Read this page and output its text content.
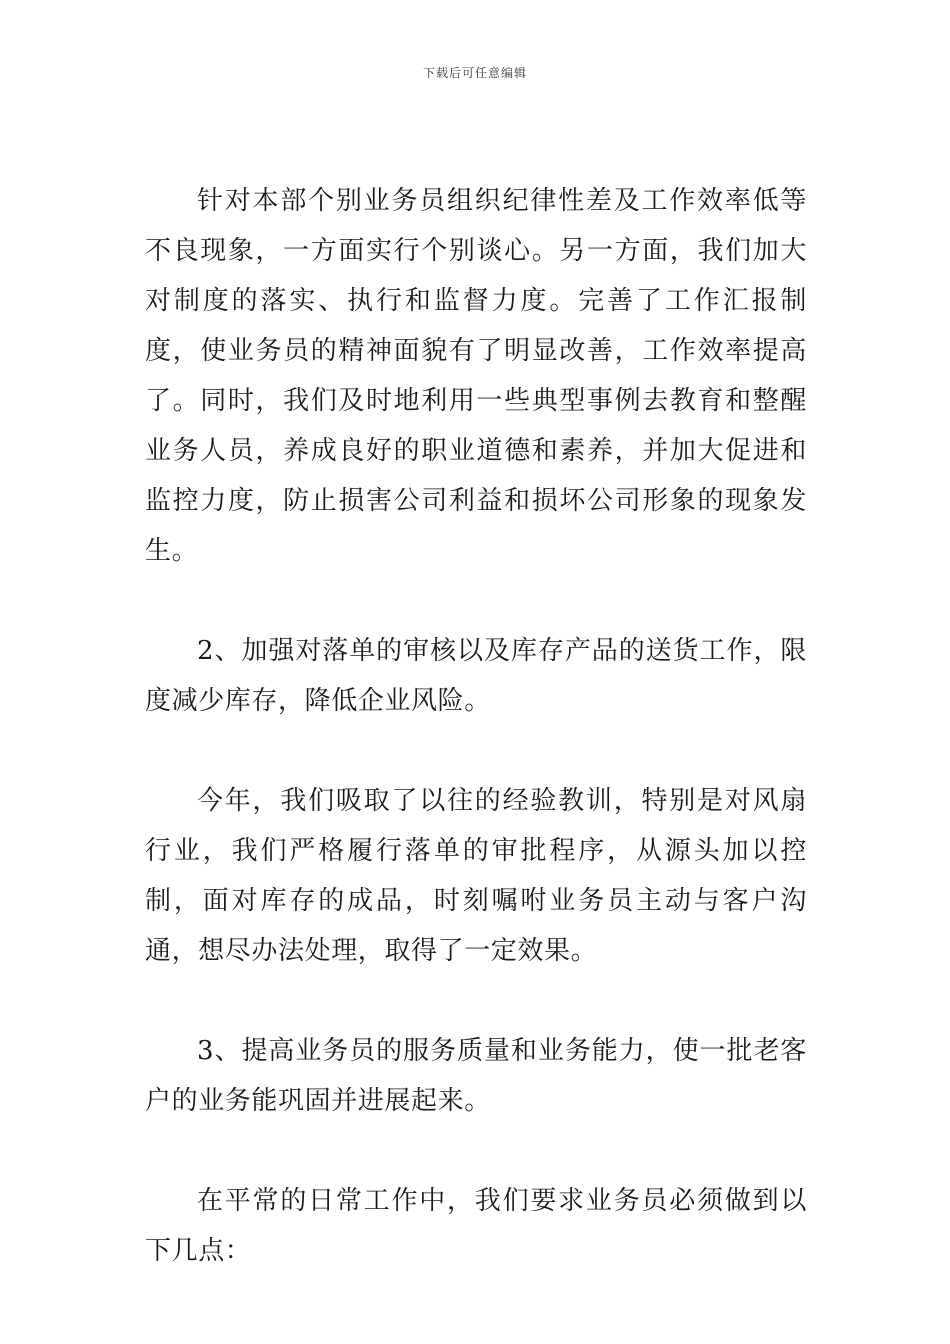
下载后可任意编辑

针对本部个别业务员组织纪律性差及工作效率低等不良现象，一方面实行个别谈心。另一方面，我们加大对制度的落实、执行和监督力度。完善了工作汇报制度，使业务员的精神面貌有了明显改善，工作效率提高了。同时，我们及时地利用一些典型事例去教育和整醒业务人员，养成良好的职业道德和素养，并加大促进和监控力度，防止损害公司利益和损坏公司形象的现象发生。

2、加强对落单的审核以及库存产品的送货工作，限度减少库存，降低企业风险。

今年，我们吸取了以往的经验教训，特别是对风扇行业，我们严格履行落单的审批程序，从源头加以控制，面对库存的成品，时刻嘱咐业务员主动与客户沟通，想尽办法处理，取得了一定效果。

3、提高业务员的服务质量和业务能力，使一批老客户的业务能巩固并进展起来。

在平常的日常工作中，我们要求业务员必须做到以下几点：
